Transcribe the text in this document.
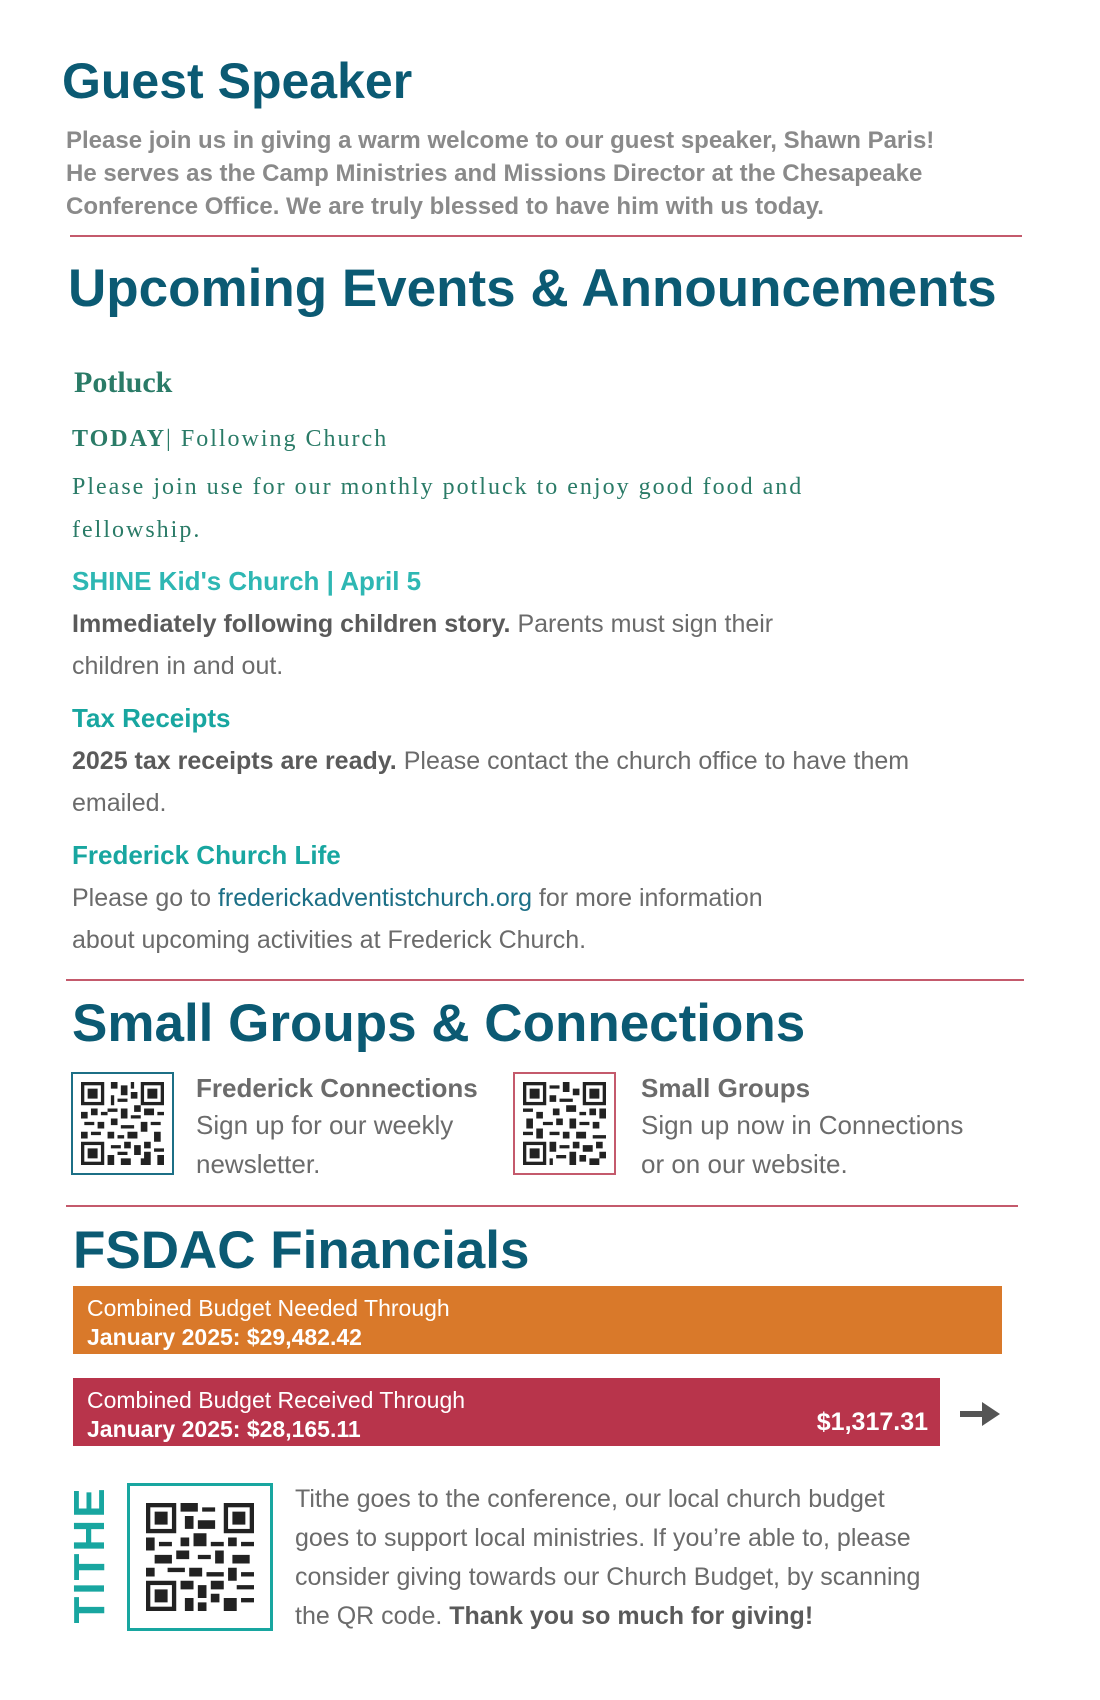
Guest Speaker
Please join us in giving a warm welcome to our guest speaker, Shawn Paris!
He serves as the Camp Ministries and Missions Director at the Chesapeake
Conference Office. We are truly blessed to have him with us today.
Upcoming Events & Announcements
Potluck
TODAY| Following Church
Please join use for our monthly potluck to enjoy good food and
fellowship.

SHINE Kid's Church | April 5

Immediately following children story. Parents must sign their
children in and out.

Tax Receipts

2025 tax receipts are ready. Please contact the church office to have them
emailed.

Frederick Church Life

Please go to frederickadventistchurch.org for more information
about upcoming activities at Frederick Church.

Small Groups & Connections
Frederick Connections
Sign up for our weekly
newsletter.
Small Groups
Sign up now in Connections
or on our website.
FSDAC Financials
Combined Budget Needed Through
January 2025: $29,482.42
Combined Budget Received Through
January 2025: $28,165.11	$1,317.31
TITHE	Tithe goes to the conference, our local church budget
goes to support local ministries. If you’re able to, please
consider giving towards our Church Budget, by scanning
the QR code. Thank you so much for giving!
